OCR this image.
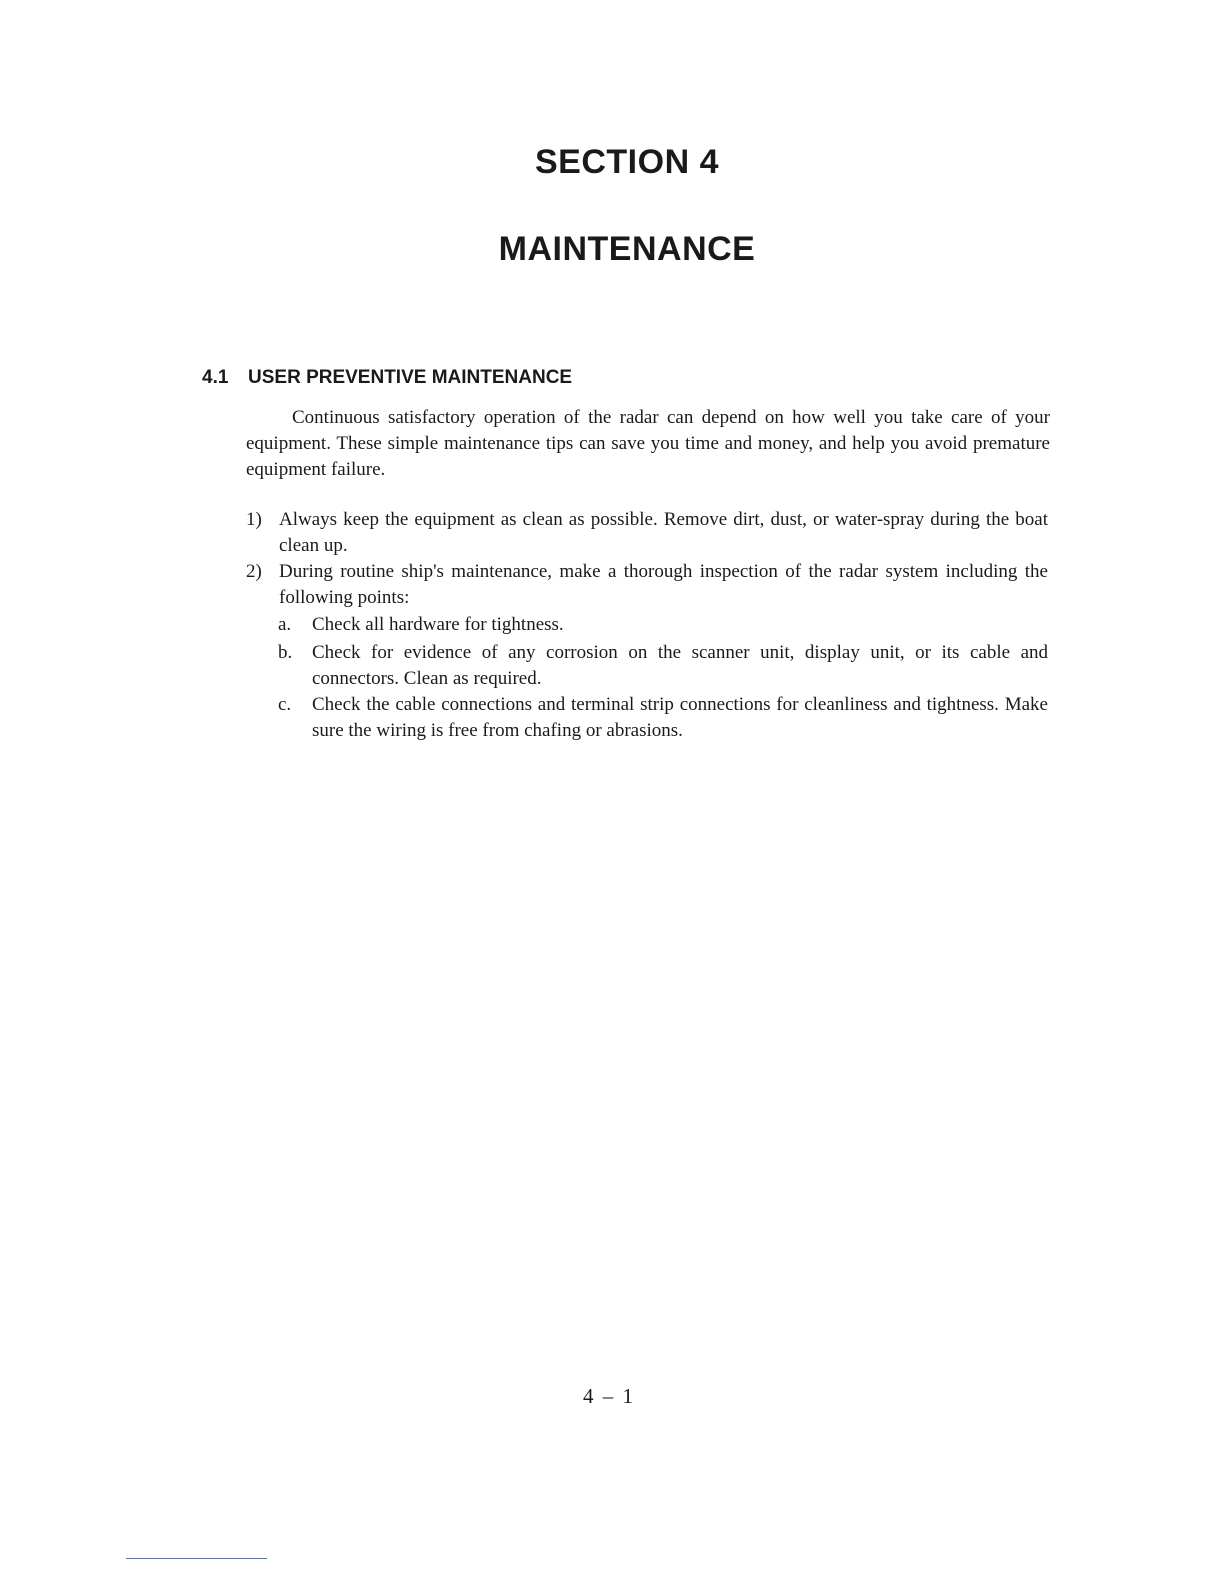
SECTION 4
MAINTENANCE
4.1 USER PREVENTIVE MAINTENANCE

Continuous satisfactory operation of the radar can depend on how well you take care of your equipment. These simple maintenance tips can save you time and money, and help you avoid premature equipment failure.

1) Always keep the equipment as clean as possible. Remove dirt, dust, or water-spray during the boat clean up.
2) During routine ship's maintenance, make a thorough inspection of the radar system including the following points:
a. Check all hardware for tightness.
b. Check for evidence of any corrosion on the scanner unit, display unit, or its cable and connectors. Clean as required.
c. Check the cable connections and terminal strip connections for cleanliness and tightness. Make sure the wiring is free from chafing or abrasions.

4 – 1
